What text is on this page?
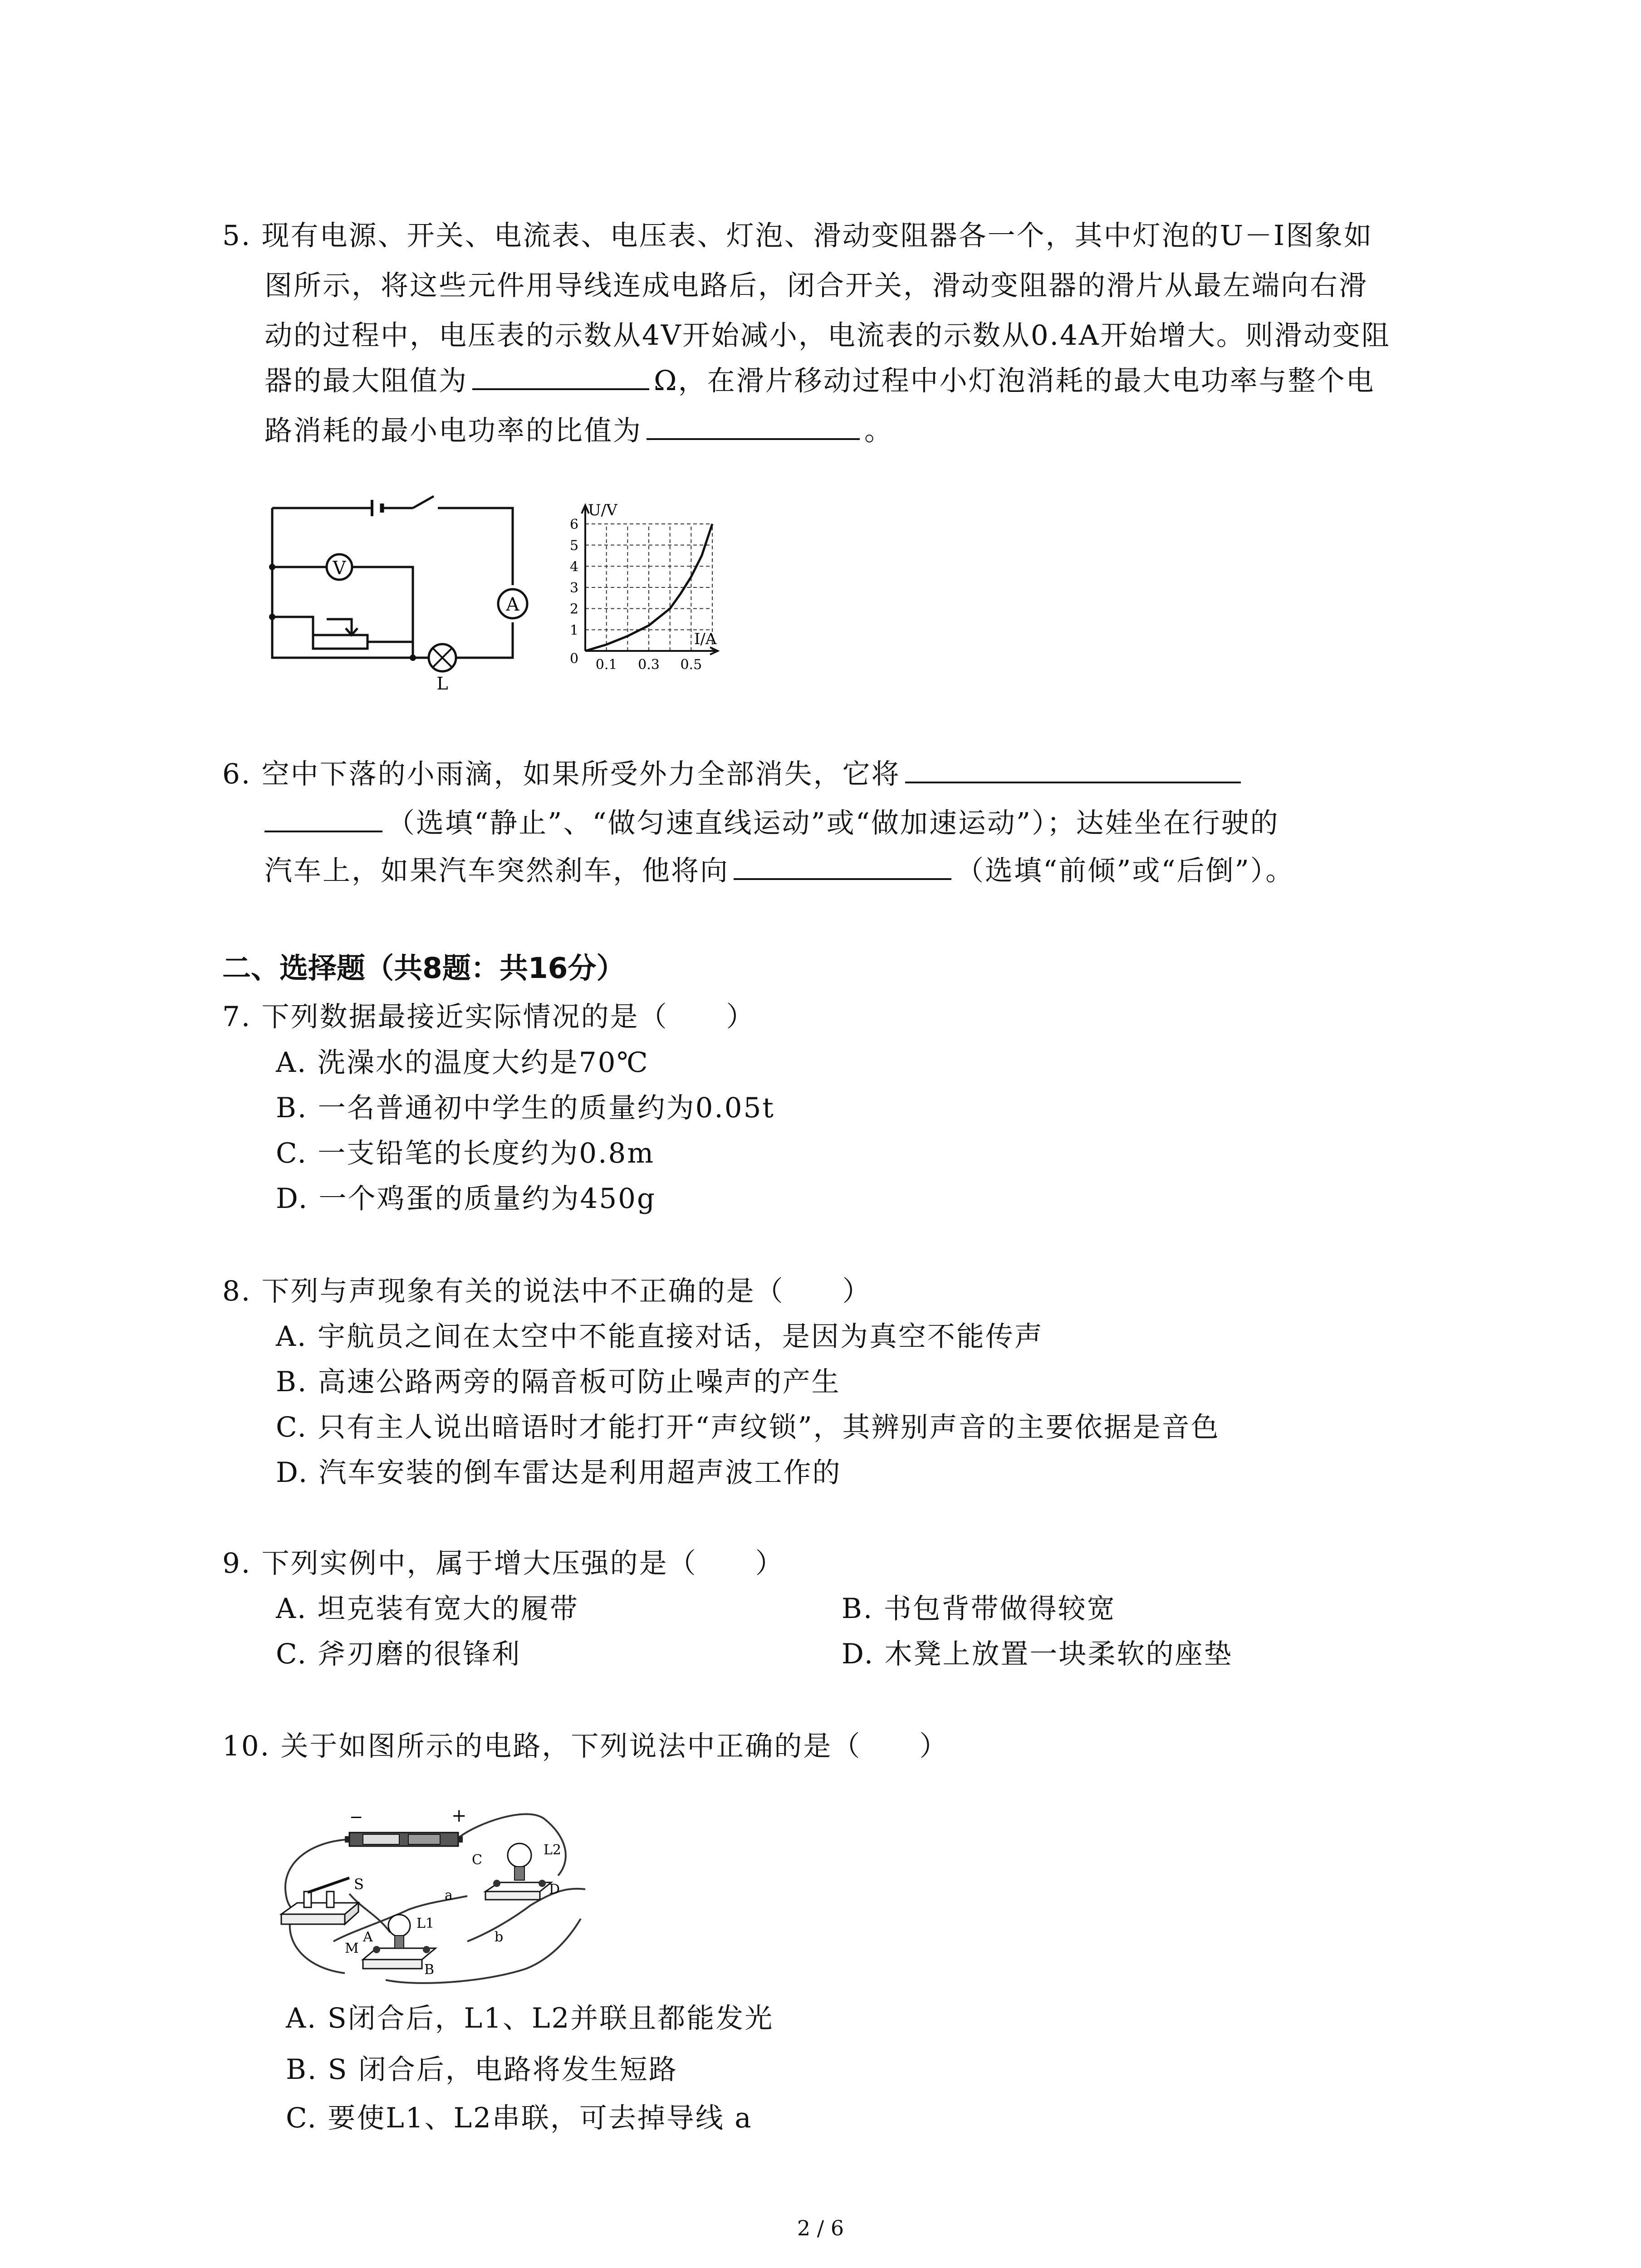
5. 现有电源、开关、电流表、电压表、灯泡、滑动变阻器各一个，其中灯泡的U－I图象如
图所示，将这些元件用导线连成电路后，闭合开关，滑动变阻器的滑片从最左端向右滑
动的过程中，电压表的示数从4V开始减小，电流表的示数从0.4A开始增大。则滑动变阻
器的最大阻值为	Ω，在滑片移动过程中小灯泡消耗的最大电功率与整个电
路消耗的最小电功率的比值为	。
V
A
L
U/V
I/A
0
1
2
3
4
5
6
0.1 0.3 0.5
6. 空中下落的小雨滴，如果所受外力全部消失，它将
（选填“静止”、“做匀速直线运动”或“做加速运动”）；达娃坐在行驶的
汽车上，如果汽车突然刹车，他将向	（选填“前倾”或“后倒”）。
二、选择题（共8题：共16分）
7. 下列数据最接近实际情况的是（　　）
A. 洗澡水的温度大约是70℃
B. 一名普通初中学生的质量约为0.05t
C. 一支铅笔的长度约为0.8m
D. 一个鸡蛋的质量约为450g
8. 下列与声现象有关的说法中不正确的是（　　）
A. 宇航员之间在太空中不能直接对话，是因为真空不能传声
B. 高速公路两旁的隔音板可防止噪声的产生
C. 只有主人说出暗语时才能打开“声纹锁”，其辨别声音的主要依据是音色
D. 汽车安装的倒车雷达是利用超声波工作的
9. 下列实例中，属于增大压强的是（　　）
A. 坦克装有宽大的履带	B. 书包背带做得较宽
C. 斧刃磨的很锋利	D. 木凳上放置一块柔软的座垫
10. 关于如图所示的电路，下列说法中正确的是（　　）
−	+
S
C
D
L2
M
A
B
L1
a
b
A. S闭合后，L1、L2并联且都能发光
B. S 闭合后，电路将发生短路
C. 要使L1、L2串联，可去掉导线 a
2 / 6
